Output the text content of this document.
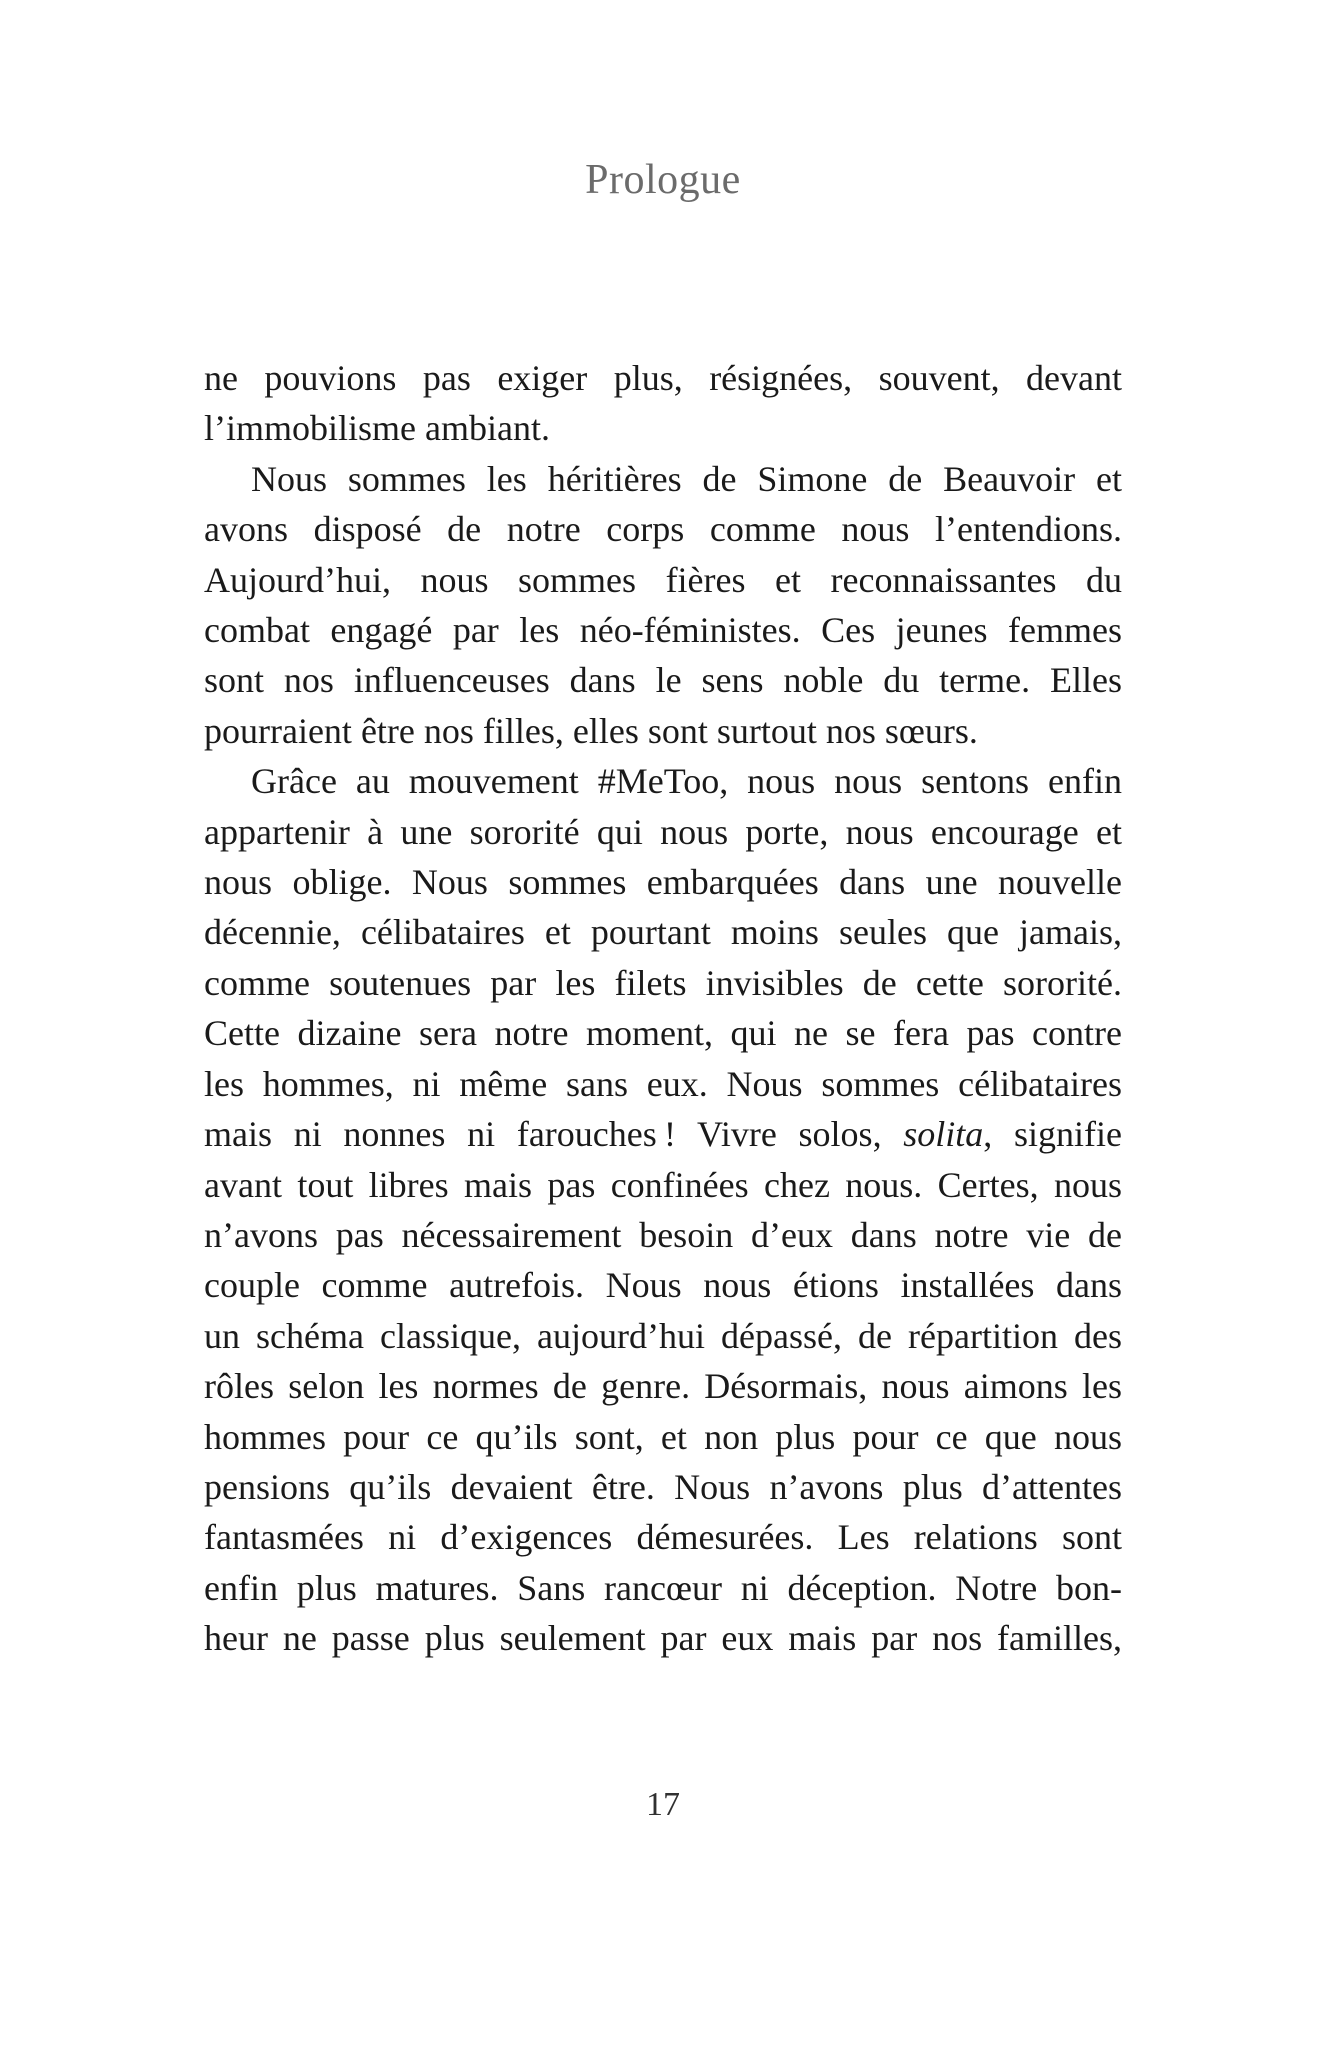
Prologue
ne pouvions pas exiger plus, résignées, souvent, devant
l’immobilisme ambiant.
Nous sommes les héritières de Simone de Beauvoir et
avons disposé de notre corps comme nous l’entendions.
Aujourd’hui, nous sommes fières et reconnaissantes du
combat engagé par les néo-féministes. Ces jeunes femmes
sont nos influenceuses dans le sens noble du terme. Elles
pourraient être nos filles, elles sont surtout nos sœurs.
Grâce au mouvement #MeToo, nous nous sentons enfin
appartenir à une sororité qui nous porte, nous encourage et
nous oblige. Nous sommes embarquées dans une nouvelle
décennie, célibataires et pourtant moins seules que jamais,
comme soutenues par les filets invisibles de cette sororité.
Cette dizaine sera notre moment, qui ne se fera pas contre
les hommes, ni même sans eux. Nous sommes célibataires
mais ni nonnes ni farouches ! Vivre solos, solita, signifie
avant tout libres mais pas confinées chez nous. Certes, nous
n’avons pas nécessairement besoin d’eux dans notre vie de
couple comme autrefois. Nous nous étions installées dans
un schéma classique, aujourd’hui dépassé, de répartition des
rôles selon les normes de genre. Désormais, nous aimons les
hommes pour ce qu’ils sont, et non plus pour ce que nous
pensions qu’ils devaient être. Nous n’avons plus d’attentes
fantasmées ni d’exigences démesurées. Les relations sont
enfin plus matures. Sans rancœur ni déception. Notre bon-
heur ne passe plus seulement par eux mais par nos familles,
17
